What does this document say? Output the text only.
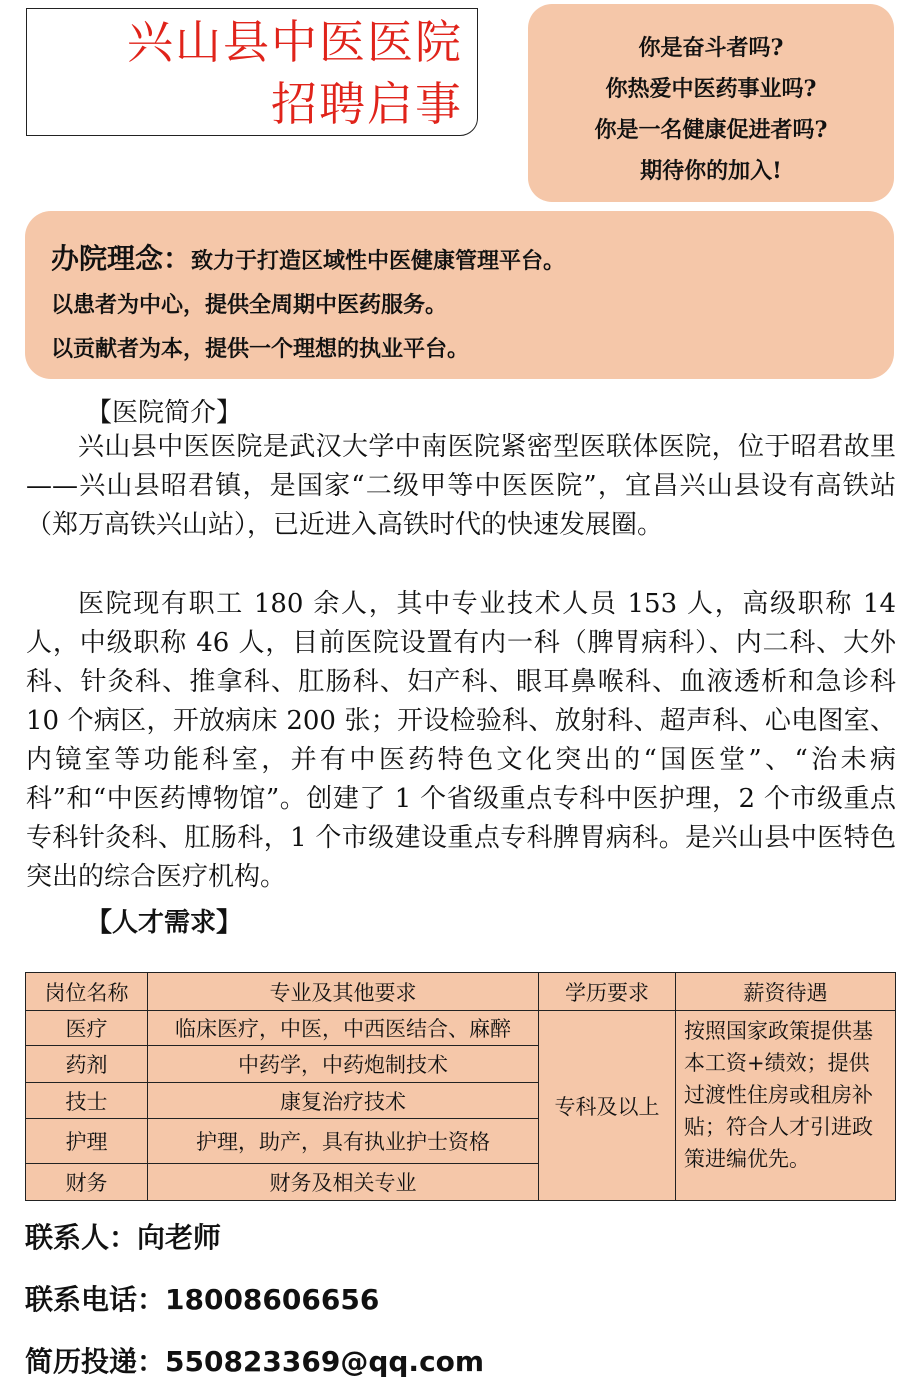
兴山县中医医院
招聘启事
你是奋斗者吗?
你热爱中医药事业吗?
你是一名健康促进者吗?
期待你的加入!
办院理念：致力于打造区域性中医健康管理平台。
以患者为中心，提供全周期中医药服务。
以贡献者为本，提供一个理想的执业平台。
【医院简介】
兴山县中医医院是武汉大学中南医院紧密型医联体医院，位于昭君故里——兴山县昭君镇，是国家“二级甲等中医医院”，宜昌兴山县设有高铁站（郑万高铁兴山站），已近进入高铁时代的快速发展圈。
医院现有职工 180 余人，其中专业技术人员 153 人，高级职称 14 人，中级职称 46 人，目前医院设置有内一科（脾胃病科）、内二科、大外科、针灸科、推拿科、肛肠科、妇产科、眼耳鼻喉科、血液透析和急诊科 10 个病区，开放病床 200 张；开设检验科、放射科、超声科、心电图室、内镜室等功能科室，并有中医药特色文化突出的“国医堂”、“治未病科”和“中医药博物馆”。创建了 1 个省级重点专科中医护理，2 个市级重点专科针灸科、肛肠科，1 个市级建设重点专科脾胃病科。是兴山县中医特色突出的综合医疗机构。
【人才需求】
岗位名称	专业及其他要求	学历要求	薪资待遇
医疗	临床医疗，中医，中西医结合、麻醉	专科及以上	按照国家政策提供基本工资+绩效；提供过渡性住房或租房补贴；符合人才引进政策进编优先。
药剂	中药学，中药炮制技术		
技士	康复治疗技术		
护理	护理，助产，具有执业护士资格		
财务	财务及相关专业		
联系人：向老师
联系电话：18008606656
简历投递：550823369@qq.com
